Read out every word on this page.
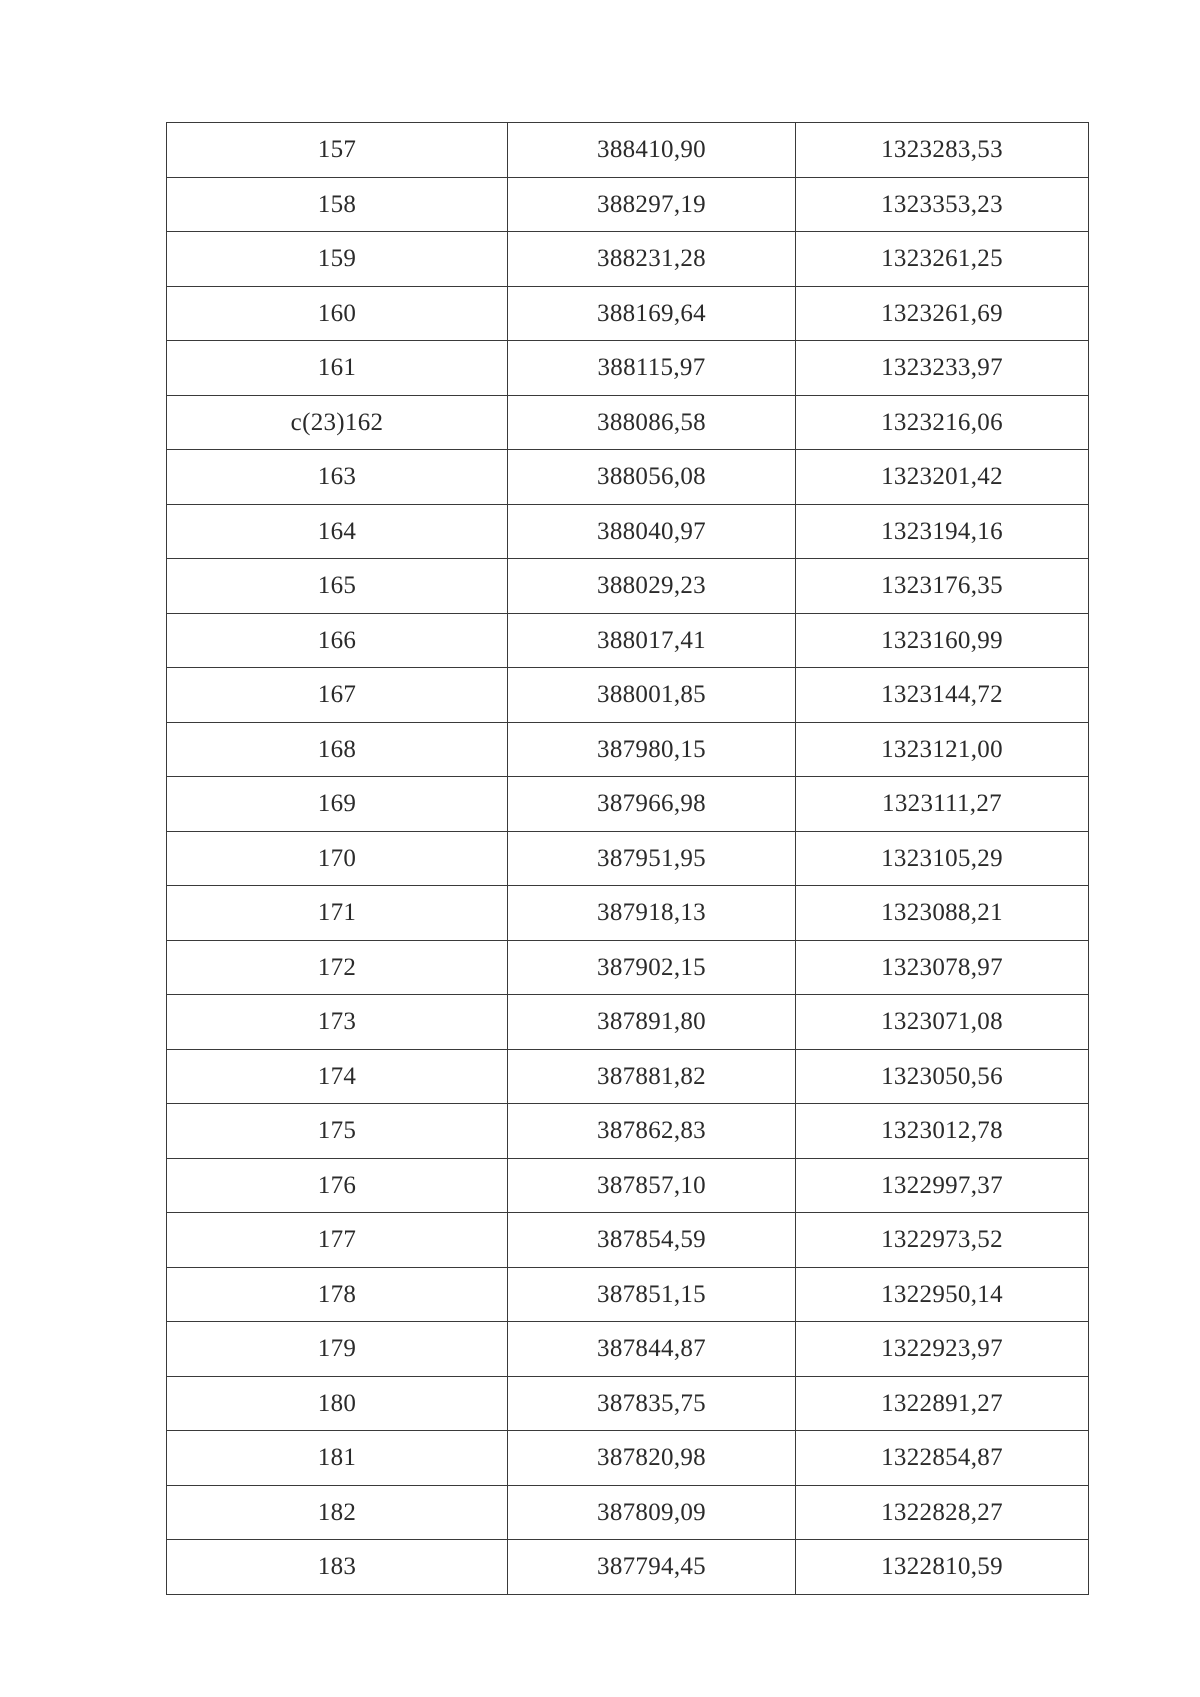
157	388410,90	1323283,53
158	388297,19	1323353,23
159	388231,28	1323261,25
160	388169,64	1323261,69
161	388115,97	1323233,97
c(23)162	388086,58	1323216,06
163	388056,08	1323201,42
164	388040,97	1323194,16
165	388029,23	1323176,35
166	388017,41	1323160,99
167	388001,85	1323144,72
168	387980,15	1323121,00
169	387966,98	1323111,27
170	387951,95	1323105,29
171	387918,13	1323088,21
172	387902,15	1323078,97
173	387891,80	1323071,08
174	387881,82	1323050,56
175	387862,83	1323012,78
176	387857,10	1322997,37
177	387854,59	1322973,52
178	387851,15	1322950,14
179	387844,87	1322923,97
180	387835,75	1322891,27
181	387820,98	1322854,87
182	387809,09	1322828,27
183	387794,45	1322810,59
